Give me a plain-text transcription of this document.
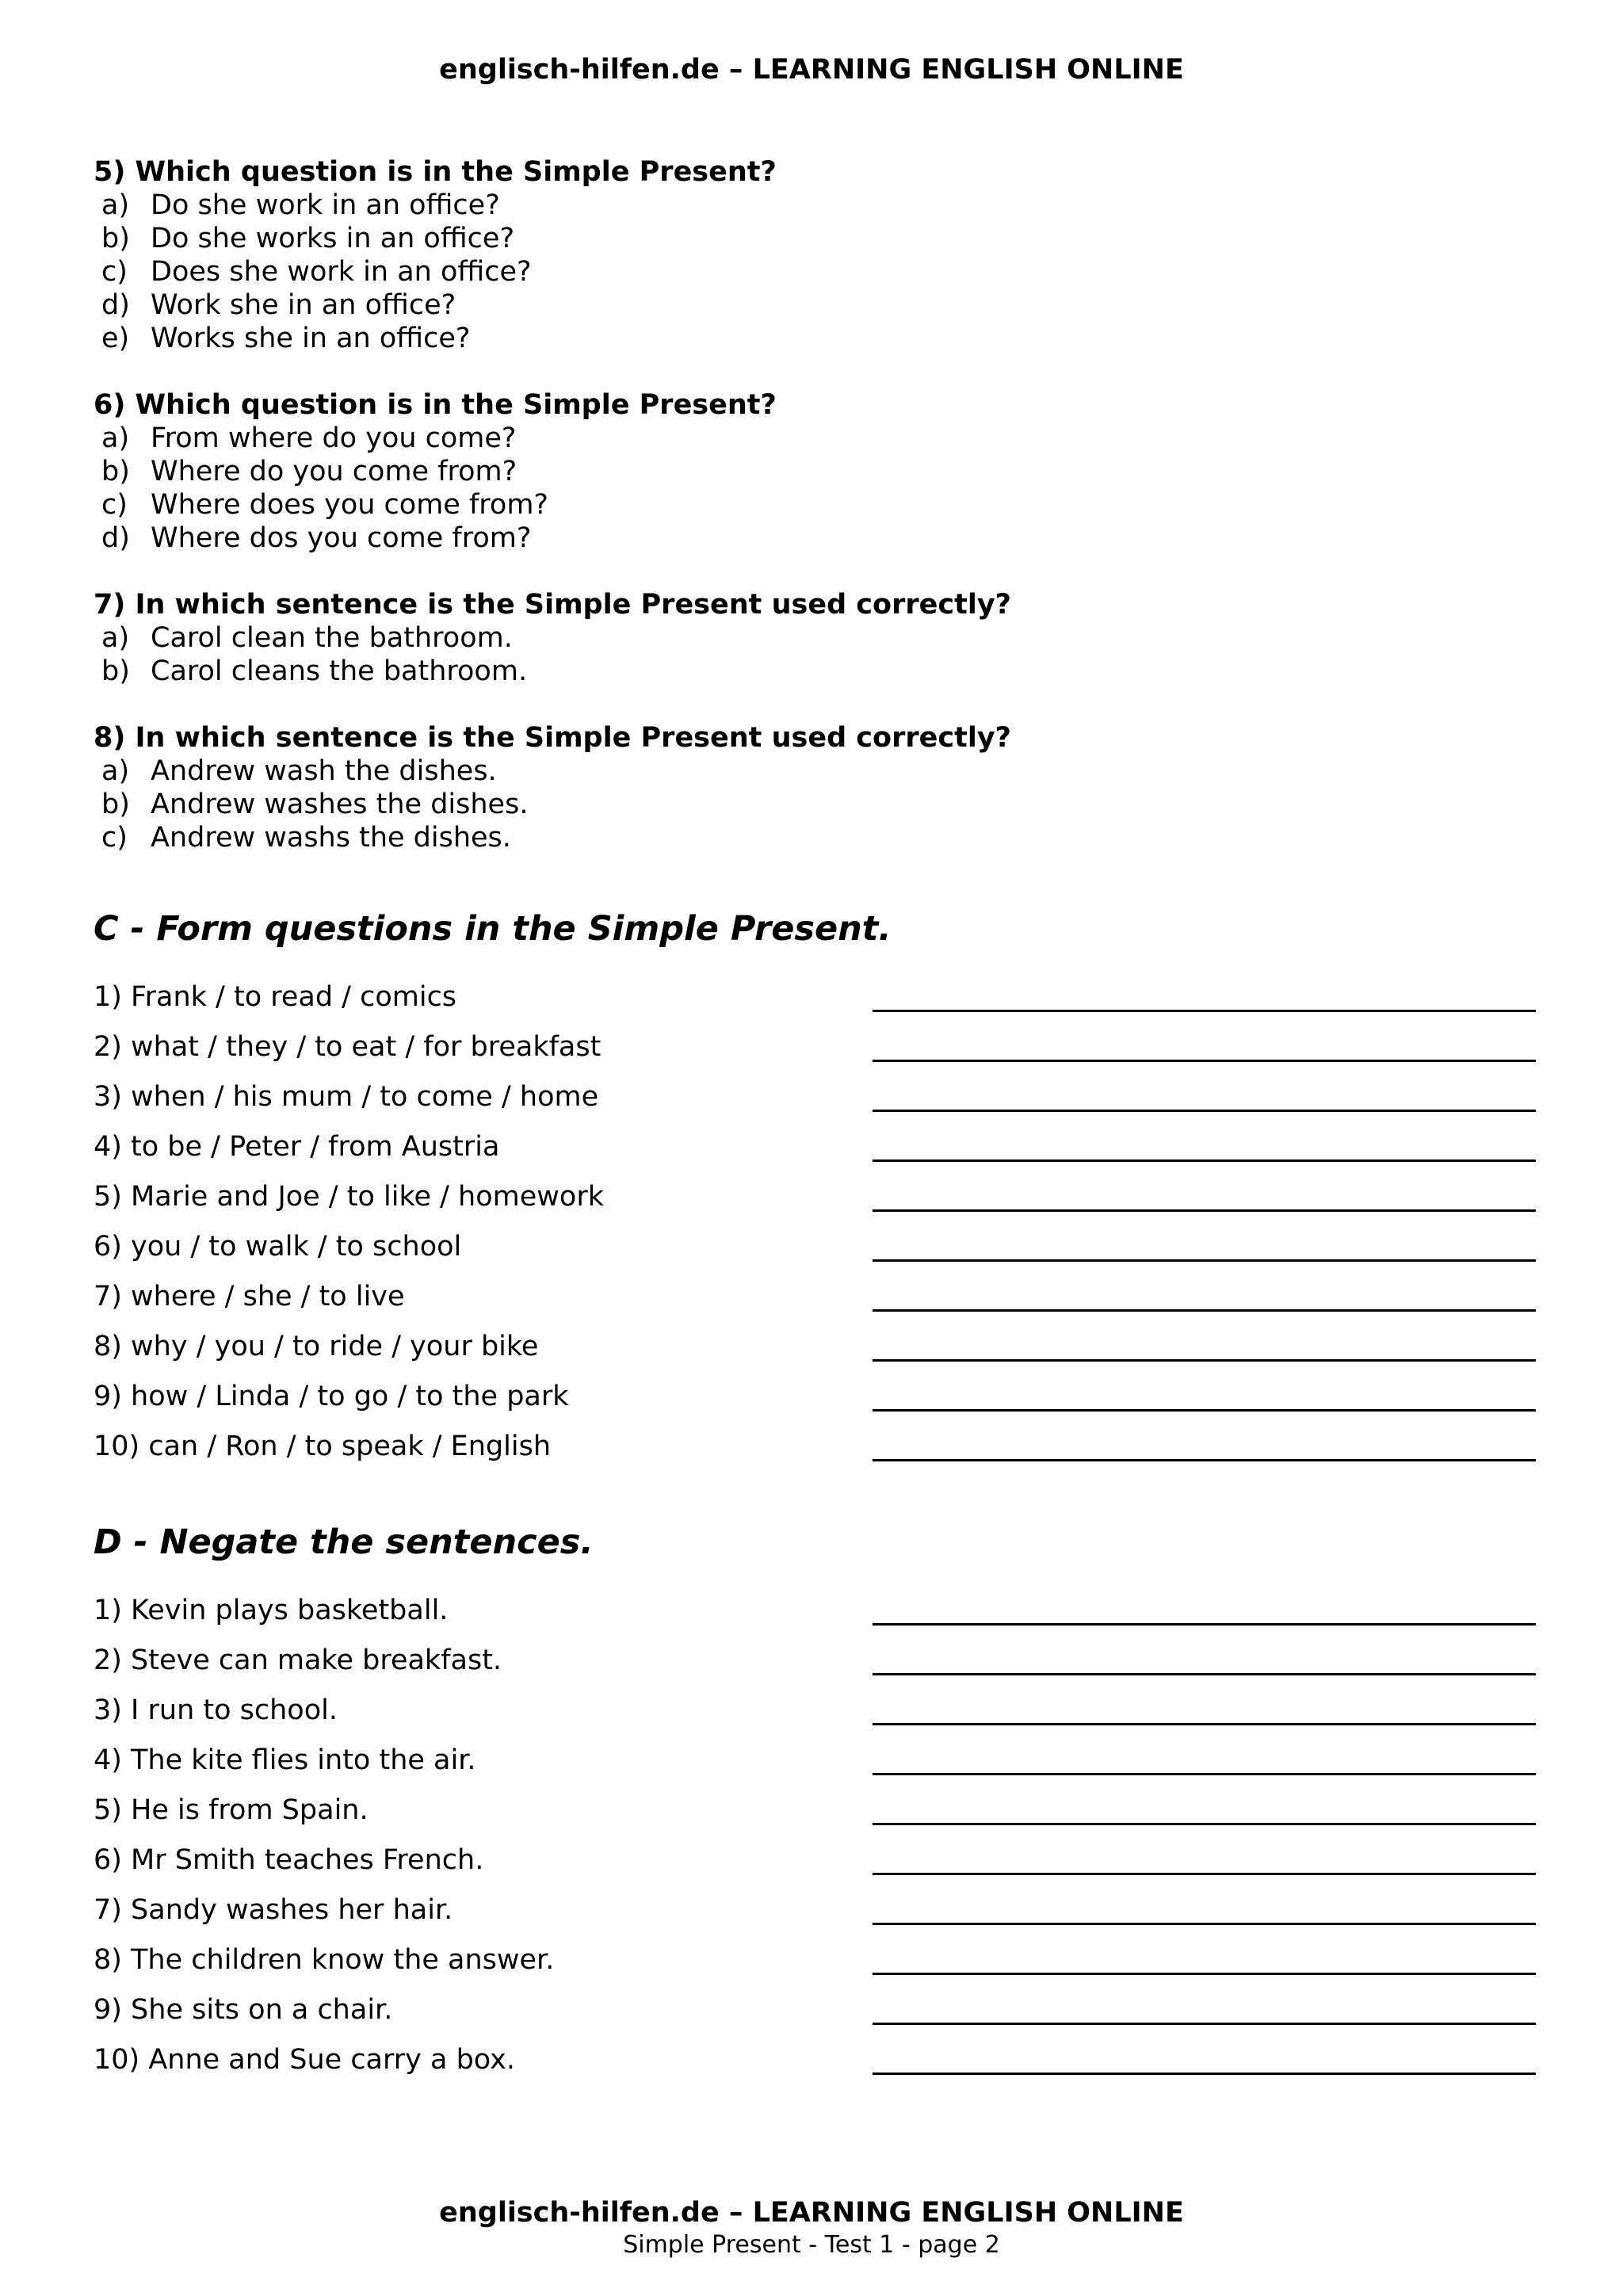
englisch-hilfen.de – LEARNING ENGLISH ONLINE
5) Which question is in the Simple Present?
a) Do she work in an office?
b) Do she works in an office?
c) Does she work in an office?
d) Work she in an office?
e) Works she in an office?
6) Which question is in the Simple Present?
a) From where do you come?
b) Where do you come from?
c) Where does you come from?
d) Where dos you come from?
7) In which sentence is the Simple Present used correctly?
a) Carol clean the bathroom.
b) Carol cleans the bathroom.
8) In which sentence is the Simple Present used correctly?
a) Andrew wash the dishes.
b) Andrew washes the dishes.
c) Andrew washs the dishes.
C - Form questions in the Simple Present.
1) Frank / to read / comics
2) what / they / to eat / for breakfast
3) when / his mum / to come / home
4) to be / Peter / from Austria
5) Marie and Joe / to like / homework
6) you / to walk / to school
7) where / she / to live
8) why / you / to ride / your bike
9) how / Linda / to go / to the park
10) can / Ron / to speak / English
D - Negate the sentences.
1) Kevin plays basketball.
2) Steve can make breakfast.
3) I run to school.
4) The kite flies into the air.
5) He is from Spain.
6) Mr Smith teaches French.
7) Sandy washes her hair.
8) The children know the answer.
9) She sits on a chair.
10) Anne and Sue carry a box.
englisch-hilfen.de – LEARNING ENGLISH ONLINE
Simple Present - Test 1 - page 2
